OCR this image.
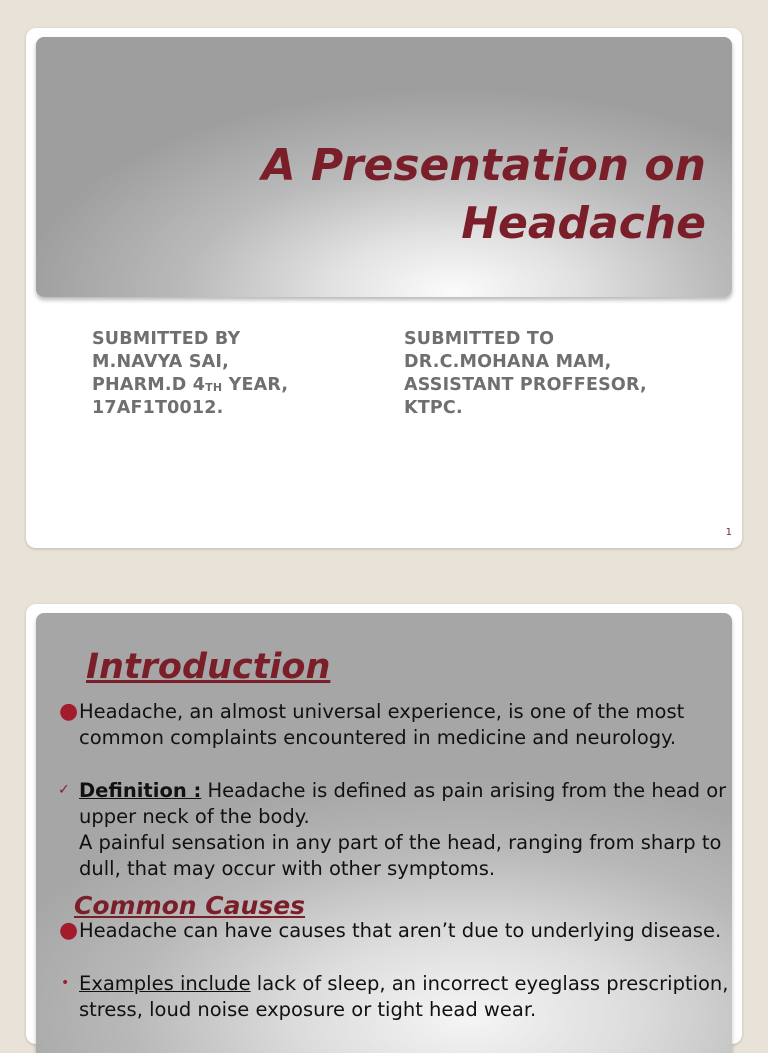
A Presentation on
Headache
SUBMITTED BY
M.NAVYA SAI,
PHARM.D 4TH YEAR,
17AF1T0012.
SUBMITTED TO
DR.C.MOHANA MAM,
ASSISTANT PROFFESOR,
KTPC.
1
Introduction
● Headache, an almost universal experience, is one of the most common complaints encountered in medicine and neurology.
✓ Definition : Headache is defined as pain arising from the head or upper neck of the body.
A painful sensation in any part of the head, ranging from sharp to dull, that may occur with other symptoms.
Common Causes
● Headache can have causes that aren’t due to underlying disease.
• Examples include lack of sleep, an incorrect eyeglass prescription, stress, loud noise exposure or tight head wear.
